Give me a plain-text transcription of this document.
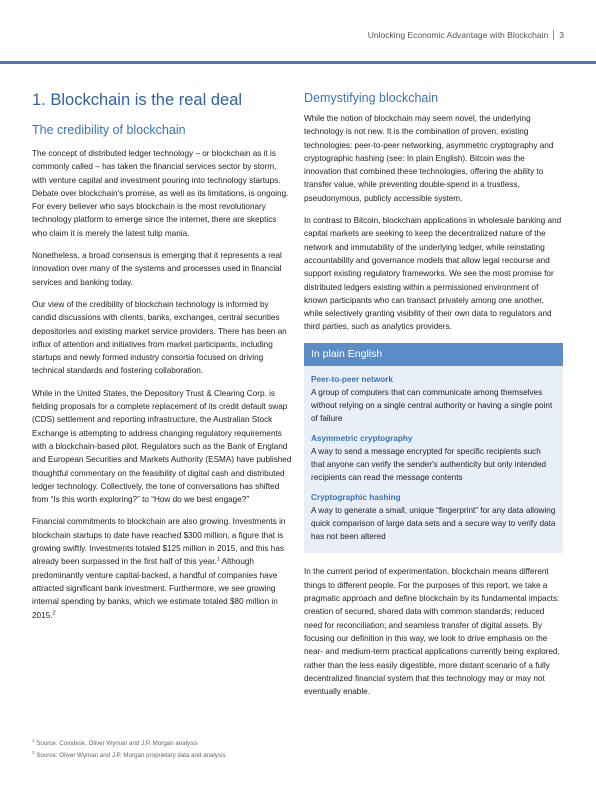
Unlocking Economic Advantage with Blockchain 3
1. Blockchain is the real deal
The credibility of blockchain

The concept of distributed ledger technology – or blockchain as it is commonly called – has taken the financial services sector by storm, with venture capital and investment pouring into technology startups. Debate over blockchain's promise, as well as its limitations, is ongoing. For every believer who says blockchain is the most revolutionary technology platform to emerge since the internet, there are skeptics who claim it is merely the latest tulip mania.

Nonetheless, a broad consensus is emerging that it represents a real innovation over many of the systems and processes used in financial services and banking today.

Our view of the credibility of blockchain technology is informed by candid discussions with clients, banks, exchanges, central securities depositories and existing market service providers. There has been an influx of attention and initiatives from market participants, including startups and newly formed industry consortia focused on driving technical standards and fostering collaboration.

While in the United States, the Depository Trust & Clearing Corp. is fielding proposals for a complete replacement of its credit default swap (CDS) settlement and reporting infrastructure, the Australian Stock Exchange is attempting to address changing regulatory requirements with a blockchain-based pilot. Regulators such as the Bank of England and European Securities and Markets Authority (ESMA) have published thoughtful commentary on the feasibility of digital cash and distributed ledger technology. Collectively, the tone of conversations has shifted from “Is this worth exploring?” to “How do we best engage?”

Financial commitments to blockchain are also growing. Investments in blockchain startups to date have reached $300 million, a figure that is growing swiftly. Investments totaled $125 million in 2015, and this has already been surpassed in the first half of this year.$^1$ Although predominantly venture capital-backed, a handful of companies have attracted significant bank investment. Furthermore, we see growing internal spending by banks, which we estimate totaled $80 million in 2015.$^2$

Demystifying blockchain

While the notion of blockchain may seem novel, the underlying technology is not new. It is the combination of proven, existing technologies: peer-to-peer networking, asymmetric cryptography and cryptographic hashing (see: In plain English). Bitcoin was the innovation that combined these technologies, offering the ability to transfer value, while preventing double-spend in a trustless, pseudonymous, publicly accessible system.

In contrast to Bitcoin, blockchain applications in wholesale banking and capital markets are seeking to keep the decentralized nature of the network and immutability of the underlying ledger, while reinstating accountability and governance models that allow legal recourse and support existing regulatory frameworks. We see the most promise for distributed ledgers existing within a permissioned environment of known participants who can transact privately among one another, while selectively granting visibility of their own data to regulators and third parties, such as analytics providers.

In plain English
Peer-to-peer network
A group of computers that can communicate among themselves without relying on a single central authority or having a single point of failure
Asymmetric cryptography
A way to send a message encrypted for specific recipients such that anyone can verify the sender's authenticity but only intended recipients can read the message contents
Cryptographic hashing
A way to generate a small, unique “fingerprint” for any data allowing quick comparison of large data sets and a secure way to verify data has not been altered

In the current period of experimentation, blockchain means different things to different people. For the purposes of this report, we take a pragmatic approach and define blockchain by its fundamental impacts: creation of secured, shared data with common standards; reduced need for reconciliation; and seamless transfer of digital assets. By focusing our definition in this way, we look to drive emphasis on the near- and medium-term practical applications currently being explored, rather than the less easily digestible, more distant scenario of a fully decentralized financial system that this technology may or may not eventually enable.

$^1$ Source: Coindesk, Oliver Wyman and J.P. Morgan analysis
$^2$ Source: Oliver Wyman and J.P. Morgan proprietary data and analysis
